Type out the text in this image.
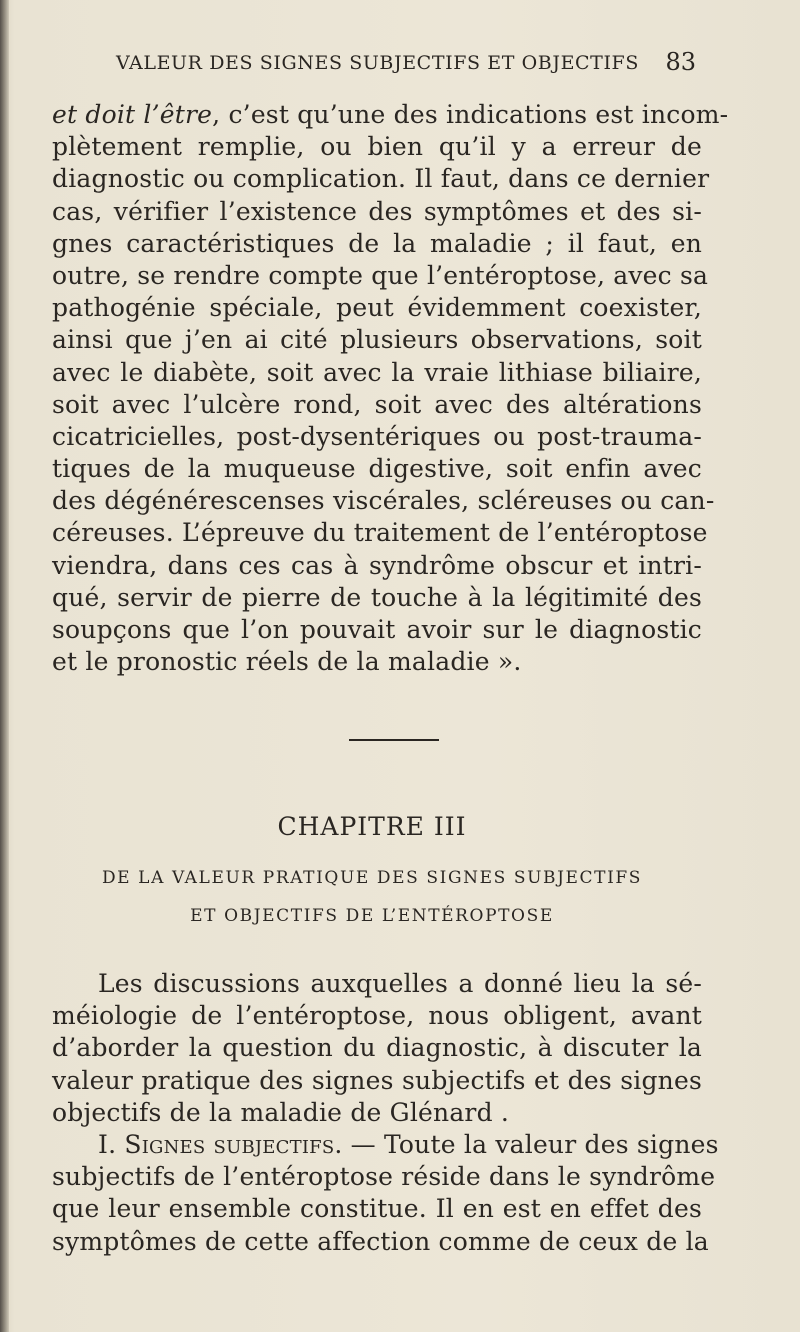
VALEUR DES SIGNES SUBJECTIFS ET OBJECTIFS 83
et doit l’être, c’est qu’une des indications est incom-
plètement remplie, ou bien qu’il y a erreur de
diagnostic ou complication. Il faut, dans ce dernier
cas, vérifier l’existence des symptômes et des si-
gnes caractéristiques de la maladie ; il faut, en
outre, se rendre compte que l’entéroptose, avec sa
pathogénie spéciale, peut évidemment coexister,
ainsi que j’en ai cité plusieurs observations, soit
avec le diabète, soit avec la vraie lithiase biliaire,
soit avec l’ulcère rond, soit avec des altérations
cicatricielles, post-dysentériques ou post-trauma-
tiques de la muqueuse digestive, soit enfin avec
des dégénérescenses viscérales, scléreuses ou can-
céreuses. L’épreuve du traitement de l’entéroptose
viendra, dans ces cas à syndrôme obscur et intri-
qué, servir de pierre de touche à la légitimité des
soupçons que l’on pouvait avoir sur le diagnostic
et le pronostic réels de la maladie ».
CHAPITRE III
DE LA VALEUR PRATIQUE DES SIGNES SUBJECTIFS
ET OBJECTIFS DE L’ENTÉROPTOSE
Les discussions auxquelles a donné lieu la sé-
méiologie de l’entéroptose, nous obligent, avant
d’aborder la question du diagnostic, à discuter la
valeur pratique des signes subjectifs et des signes
objectifs de la maladie de Glénard .
I. Signes subjectifs. — Toute la valeur des signes
subjectifs de l’entéroptose réside dans le syndrôme
que leur ensemble constitue. Il en est en effet des
symptômes de cette affection comme de ceux de la
